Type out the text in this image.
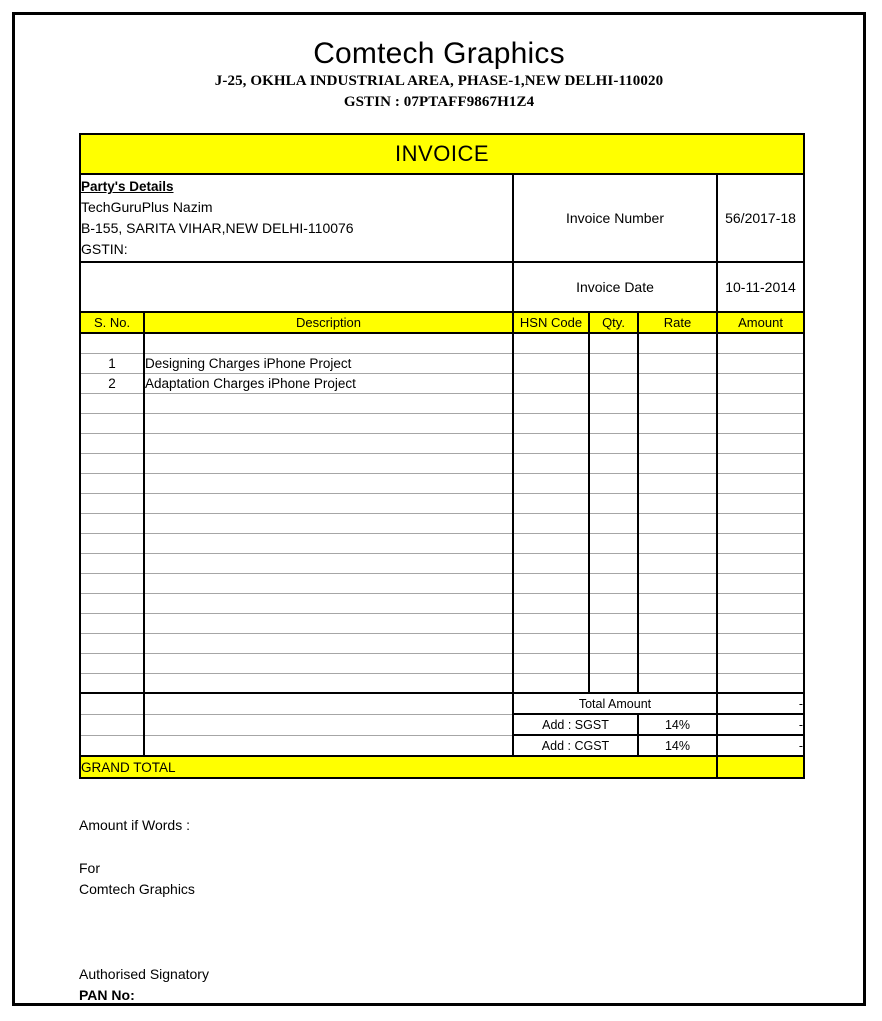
Comtech Graphics
J-25, OKHLA INDUSTRIAL AREA, PHASE-1,NEW DELHI-110020
GSTIN : 07PTAFF9867H1Z4
INVOICE					

Party's Details
TechGuruPlus Nazim
B-155, SARITA VIHAR,NEW DELHI-110076
GSTIN:		Invoice Number			56/2017-18
		Invoice Date			10-11-2014
S. No.	Description	HSN Code	Qty.	Rate	Amount

1	Designing Charges iPhone Project				
2	Adaptation Charges iPhone Project				

		Total Amount			-
		Add : SGST		14%	-
		Add : CGST		14%	-
GRAND TOTAL					
Amount if Words :

For
Comtech Graphics

Authorised Signatory
PAN No:
